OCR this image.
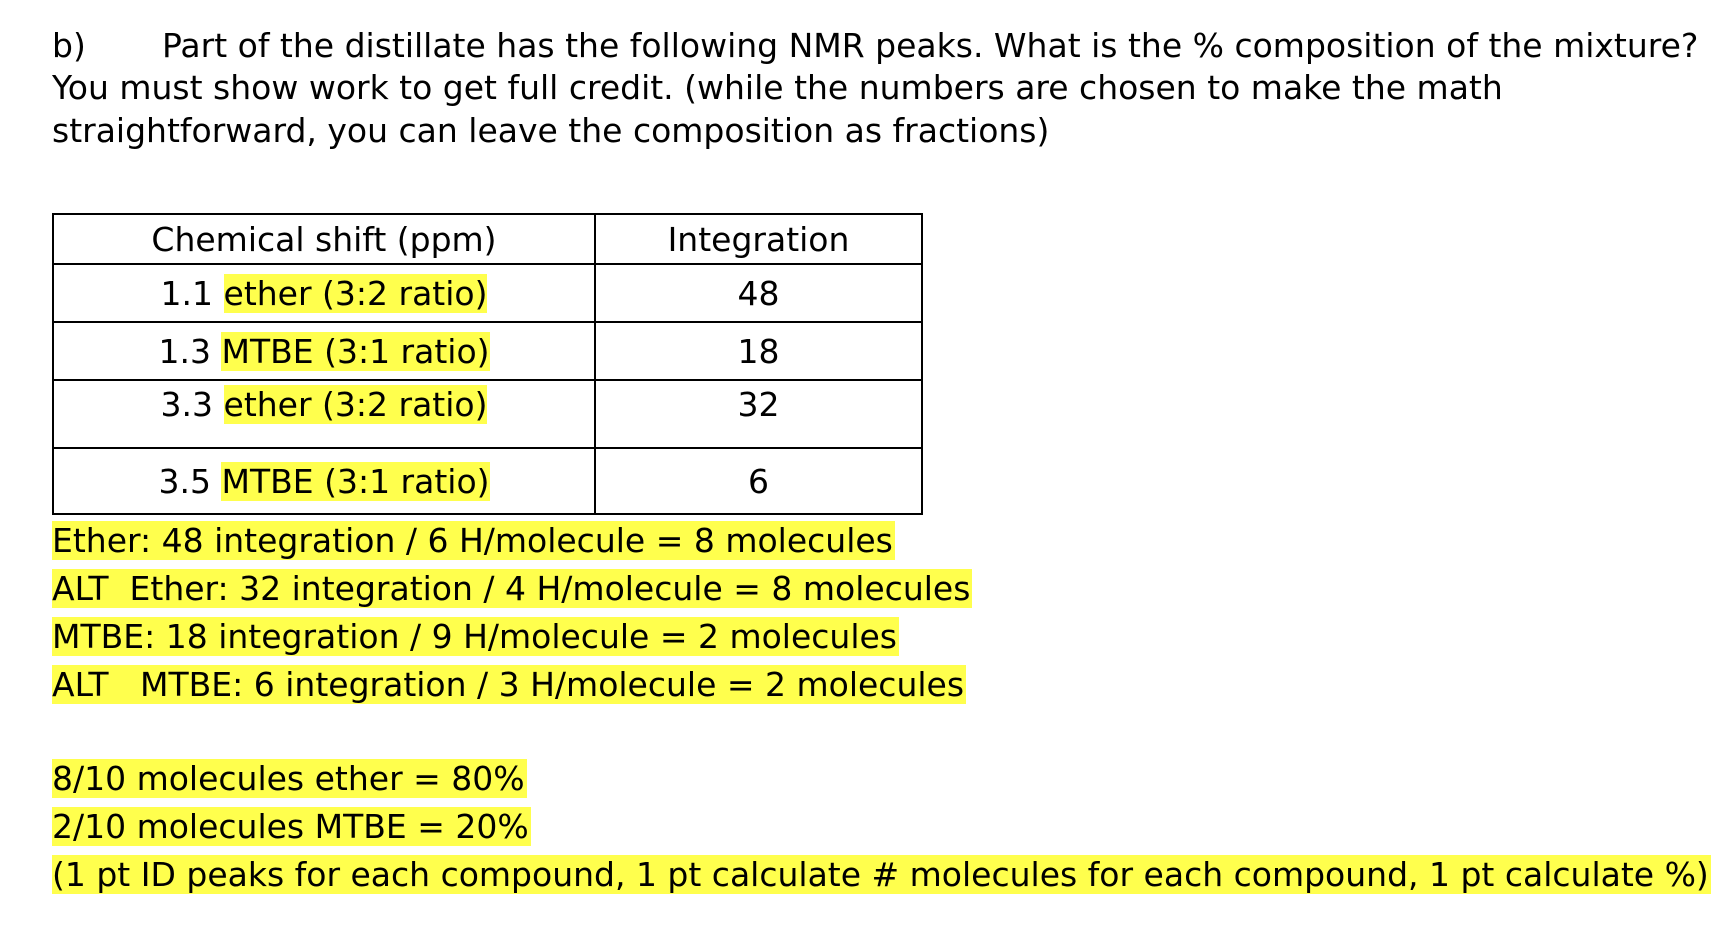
b) Part of the distillate has the following NMR peaks. What is the % composition of the mixture?
You must show work to get full credit. (while the numbers are chosen to make the math
straightforward, you can leave the composition as fractions)
Chemical shift (ppm)	Integration
1.1 ether (3:2 ratio)	48
1.3 MTBE (3:1 ratio)	18
3.3 ether (3:2 ratio)	32
3.5 MTBE (3:1 ratio)	6
Ether: 48 integration / 6 H/molecule = 8 molecules
ALT  Ether: 32 integration / 4 H/molecule = 8 molecules
MTBE: 18 integration / 9 H/molecule = 2 molecules
ALT   MTBE: 6 integration / 3 H/molecule = 2 molecules
8/10 molecules ether = 80%
2/10 molecules MTBE = 20%
(1 pt ID peaks for each compound, 1 pt calculate # molecules for each compound, 1 pt calculate %)
